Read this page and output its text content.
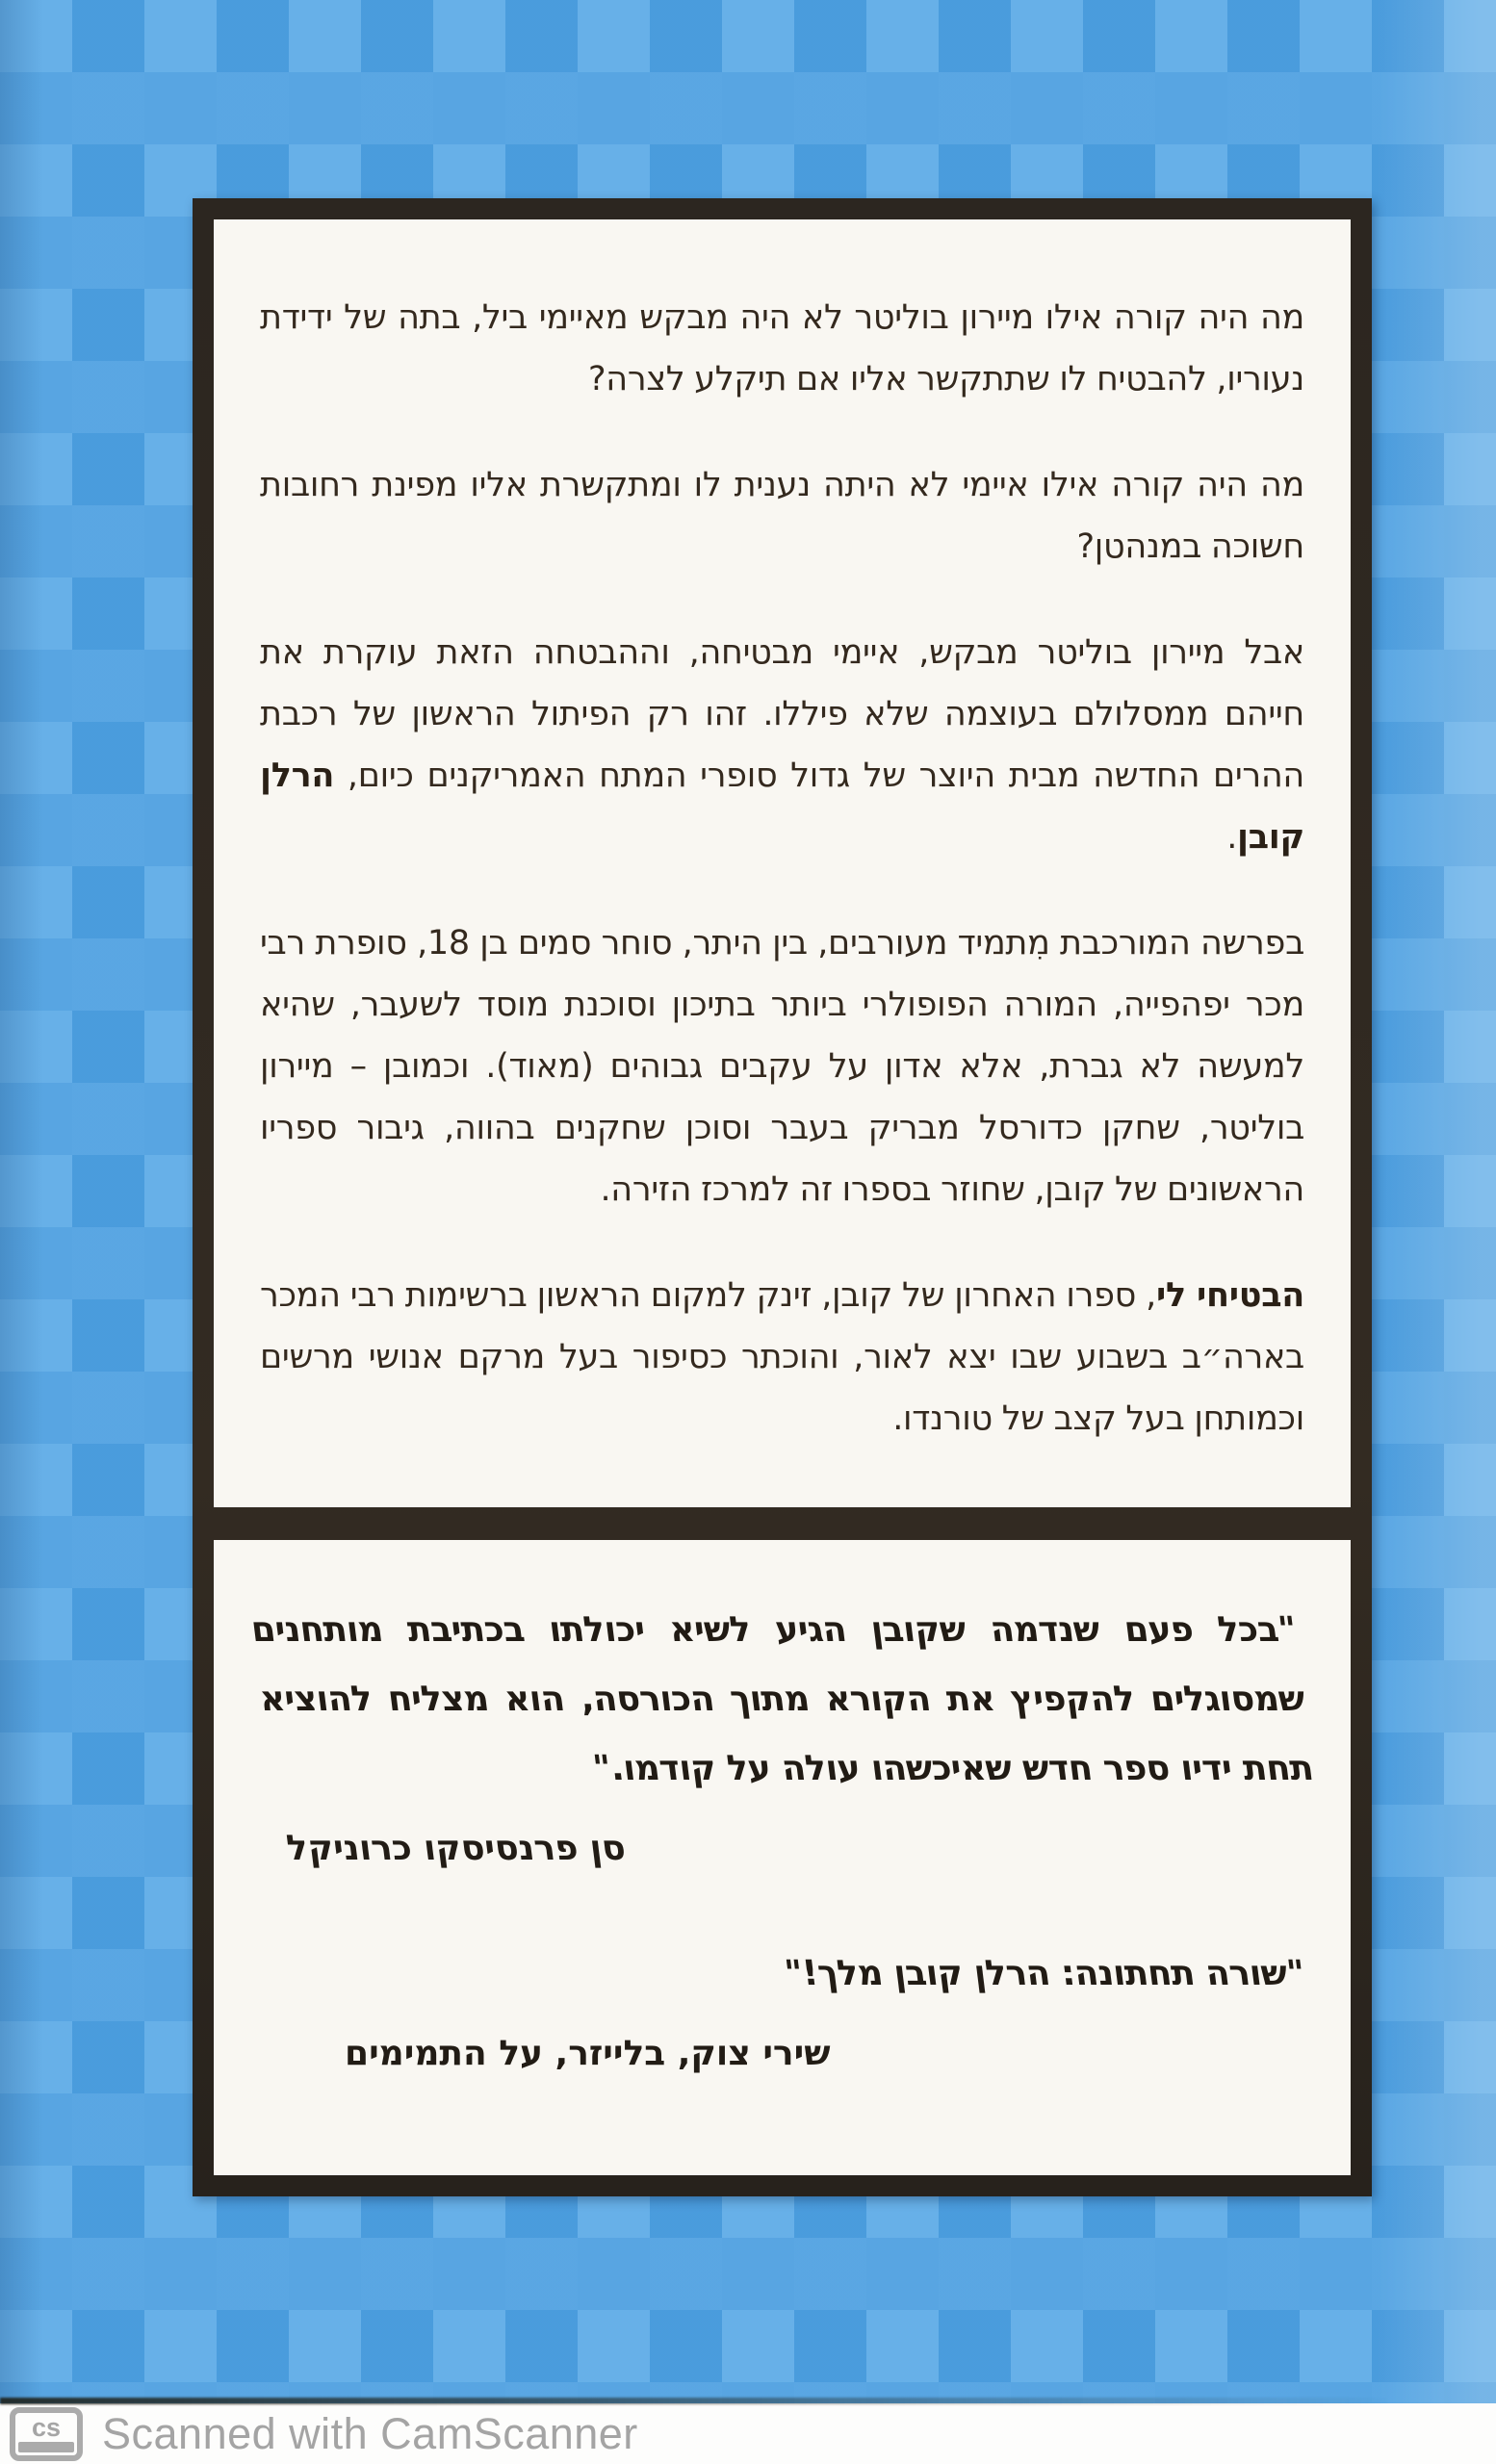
מה היה קורה אילו מיירון בוליטר לא היה מבקש מאיימי ביל, בתה של ידידת נעוריו, להבטיח לו שתתקשר אליו אם תיקלע לצרה?

מה היה קורה אילו איימי לא היתה נענית לו ומתקשרת אליו מפינת רחובות חשוכה במנהטן?

אבל מיירון בוליטר מבקש, איימי מבטיחה, וההבטחה הזאת עוקרת את חייהם ממסלולם בעוצמה שלא פיללו. זהו רק הפיתול הראשון של רכבת ההרים החדשה מבית היוצר של גדול סופרי המתח האמריקנים כיום, הרלן קובן.

בפרשה המורכבת מִתמיד מעורבים, בין היתר, סוחר סמים בן 18, סופרת רבי מכר יפהפייה, המורה הפופולרי ביותר בתיכון וסוכנת מוסד לשעבר, שהיא למעשה לא גברת, אלא אדון על עקבים גבוהים (מאוד). וכמובן – מיירון בוליטר, שחקן כדורסל מבריק בעבר וסוכן שחקנים בהווה, גיבור ספריו הראשונים של קובן, שחוזר בספרו זה למרכז הזירה.

הבטיחי לי, ספרו האחרון של קובן, זינק למקום הראשון ברשימות רבי המכר בארה״ב בשבוע שבו יצא לאור, והוכתר כסיפור בעל מרקם אנושי מרשים וכמותחן בעל קצב של טורנדו.

"בכל פעם שנדמה שקובן הגיע לשיא יכולתו בכתיבת מותחנים שמסוגלים להקפיץ את הקורא מתוך הכורסה, הוא מצליח להוציא תחת ידיו ספר חדש שאיכשהו עולה על קודמו."

סן פרנסיסקו כרוניקל

"שורה תחתונה: הרלן קובן מלך!"

שירי צוק, בלייזר, על התמימים

cs Scanned with CamScanner
